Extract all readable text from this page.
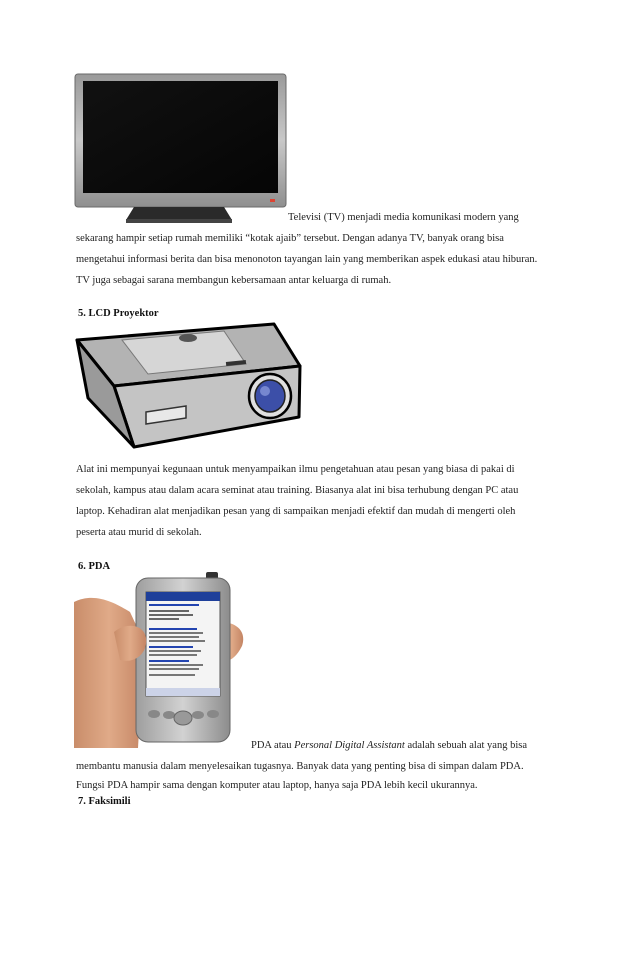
Televisi (TV) menjadi media komunikasi modern yang
sekarang hampir setiap rumah memiliki “kotak ajaib” tersebut. Dengan adanya TV, banyak orang bisa
mengetahui informasi berita dan bisa menonoton tayangan lain yang memberikan aspek edukasi atau hiburan.
TV juga sebagai sarana membangun kebersamaan antar keluarga di rumah.
5. LCD Proyektor
Alat ini mempunyai kegunaan untuk menyampaikan ilmu pengetahuan atau pesan yang biasa di pakai di
sekolah, kampus atau dalam acara seminat atau training. Biasanya alat ini bisa terhubung dengan PC atau
laptop. Kehadiran alat menjadikan pesan yang di sampaikan menjadi efektif dan mudah di mengerti oleh
peserta atau murid di sekolah.
6. PDA
PDA atau Personal Digital Assistant adalah sebuah alat yang bisa
membantu manusia dalam menyelesaikan tugasnya. Banyak data yang penting bisa di simpan dalam PDA.
Fungsi PDA hampir sama dengan komputer atau laptop, hanya saja PDA lebih kecil ukurannya.
7. Faksimili
